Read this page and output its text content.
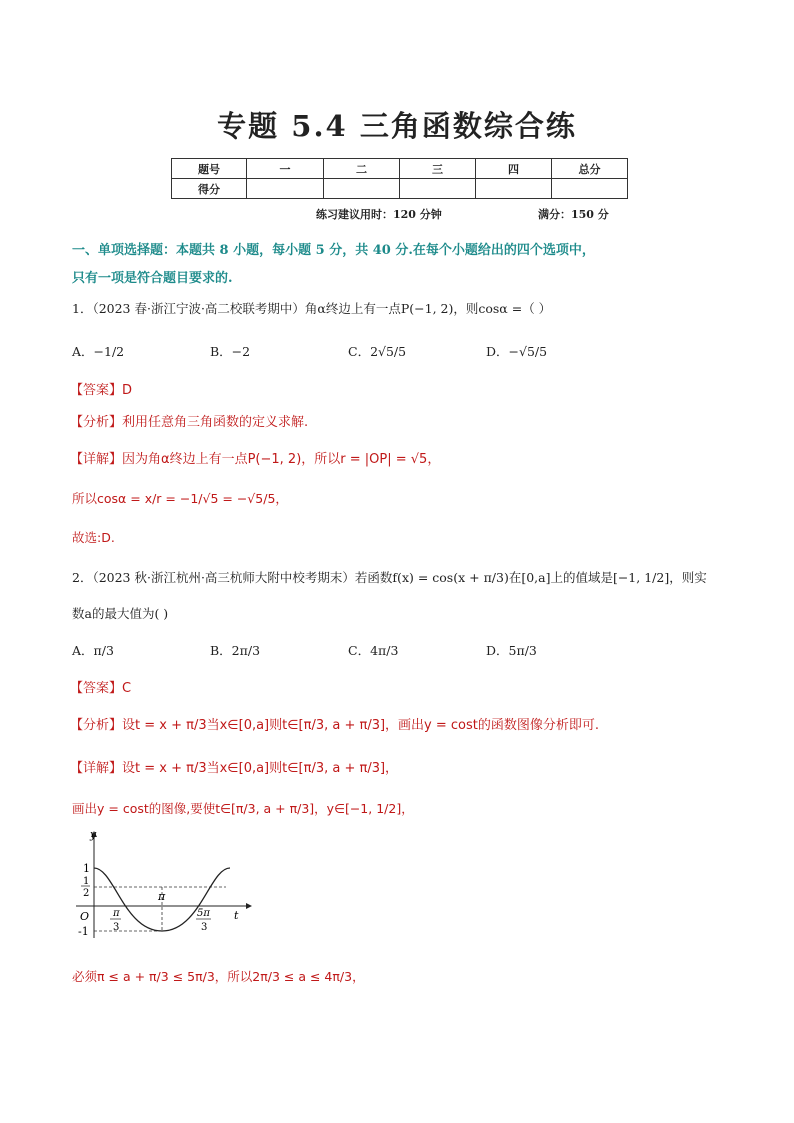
专题 5.4 三角函数综合练
题号	一	二	三	四	总分
得分					
练习建议用时：120 分钟	满分：150 分
一、单项选择题：本题共 8 小题，每小题 5 分，共 40 分.在每个小题给出的四个选项中，
只有一项是符合题目要求的.
1．（2023 春·浙江宁波·高二校联考期中）角α终边上有一点P(−1, 2)，则cosα =（ ）
A．−1/2	B．−2	C．2√5/5	D．−√5/5
【答案】D
【分析】利用任意角三角函数的定义求解.
【详解】因为角α终边上有一点P(−1, 2)，所以r = |OP| = √5，
所以cosα = x/r = −1/√5 = −√5/5，
故选:D.
2．（2023 秋·浙江杭州·高三杭师大附中校考期末）若函数f(x) = cos(x + π/3)在[0,a]上的值域是[−1, 1/2]，则实
数a的最大值为( )
A．π/3	B．2π/3	C．4π/3	D．5π/3
【答案】C
【分析】设t = x + π/3当x∈[0,a]则t∈[π/3, a + π/3]，画出y = cost的函数图像分析即可.
【详解】设t = x + π/3当x∈[0,a]则t∈[π/3, a + π/3]，
画出y = cost的图像,要使t∈[π/3, a + π/3]，y∈[−1, 1/2]，
y
t
O
1
1
2
-1
π
π
3
5π
3
必须π ≤ a + π/3 ≤ 5π/3，所以2π/3 ≤ a ≤ 4π/3，
